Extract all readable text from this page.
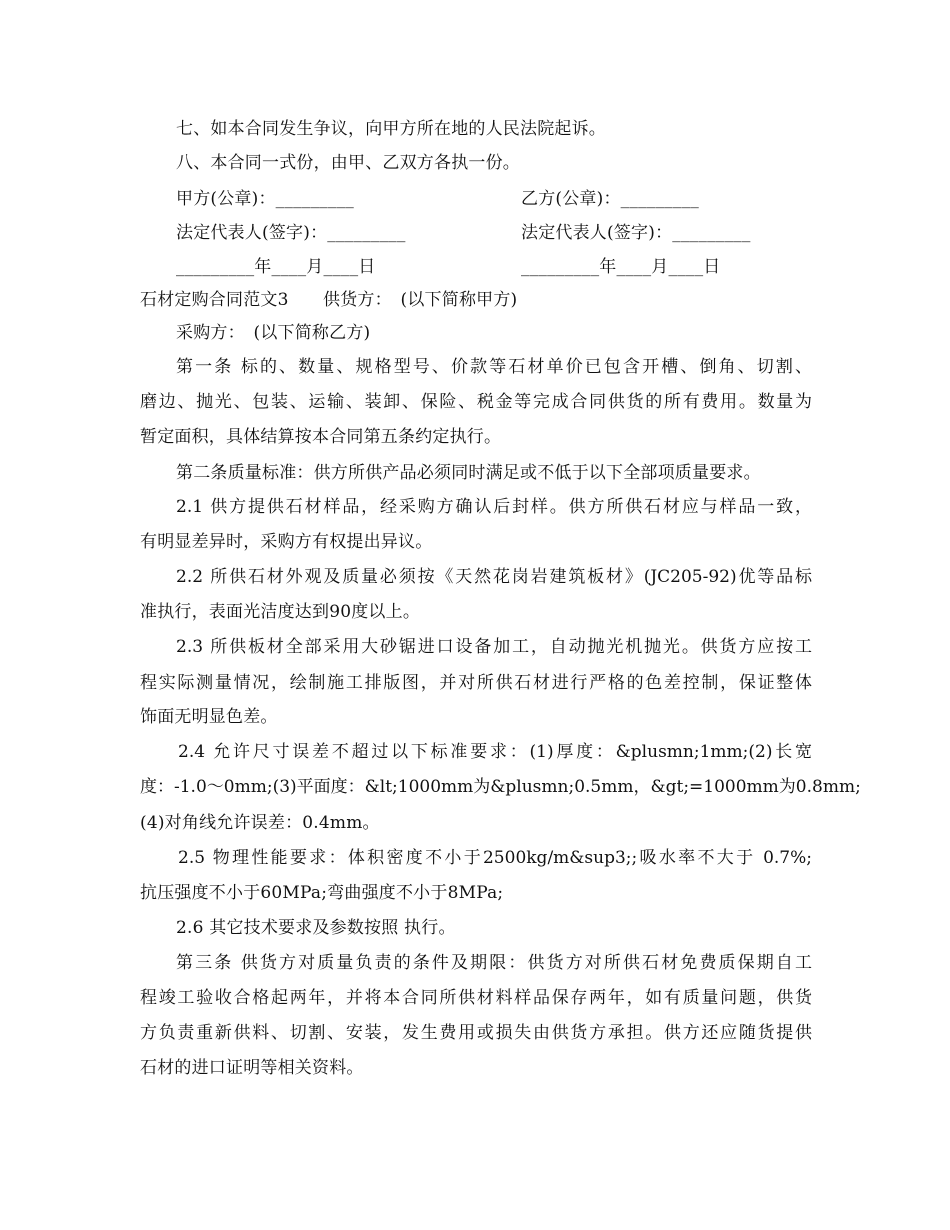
七、如本合同发生争议，向甲方所在地的人民法院起诉。
八、本合同一式份，由甲、乙双方各执一份。
甲方(公章)：_________	乙方(公章)：_________
法定代表人(签字)：_________	法定代表人(签字)：_________
_________年____月____日	_________年____月____日
石材定购合同范文3　　供货方：　(以下简称甲方)
采购方：　(以下简称乙方)
第一条 标的、数量、规格型号、价款等石材单价已包含开槽、倒角、切割、
磨边、抛光、包装、运输、装卸、保险、税金等完成合同供货的所有费用。数量为
暂定面积，具体结算按本合同第五条约定执行。
第二条质量标准：供方所供产品必须同时满足或不低于以下全部项质量要求。
2.1 供方提供石材样品，经采购方确认后封样。供方所供石材应与样品一致，
有明显差异时，采购方有权提出异议。
2.2 所供石材外观及质量必须按《天然花岗岩建筑板材》(JC205-92)优等品标
准执行，表面光洁度达到90度以上。
2.3 所供板材全部采用大砂锯进口设备加工，自动抛光机抛光。供货方应按工
程实际测量情况，绘制施工排版图，并对所供石材进行严格的色差控制，保证整体
饰面无明显色差。
2.4 允许尺寸误差不超过以下标准要求：(1)厚度：&plusmn;1mm;(2)长宽
度：-1.0～0mm;(3)平面度：&lt;1000mm为&plusmn;0.5mm，&gt;=1000mm为0.8mm;
(4)对角线允许误差：0.4mm。
2.5 物理性能要求：体积密度不小于2500kg/m&sup3;;吸水率不大于 0.7%;
抗压强度不小于60MPa;弯曲强度不小于8MPa;
2.6 其它技术要求及参数按照 执行。
第三条 供货方对质量负责的条件及期限：供货方对所供石材免费质保期自工
程竣工验收合格起两年，并将本合同所供材料样品保存两年，如有质量问题，供货
方负责重新供料、切割、安装，发生费用或损失由供货方承担。供方还应随货提供
石材的进口证明等相关资料。
